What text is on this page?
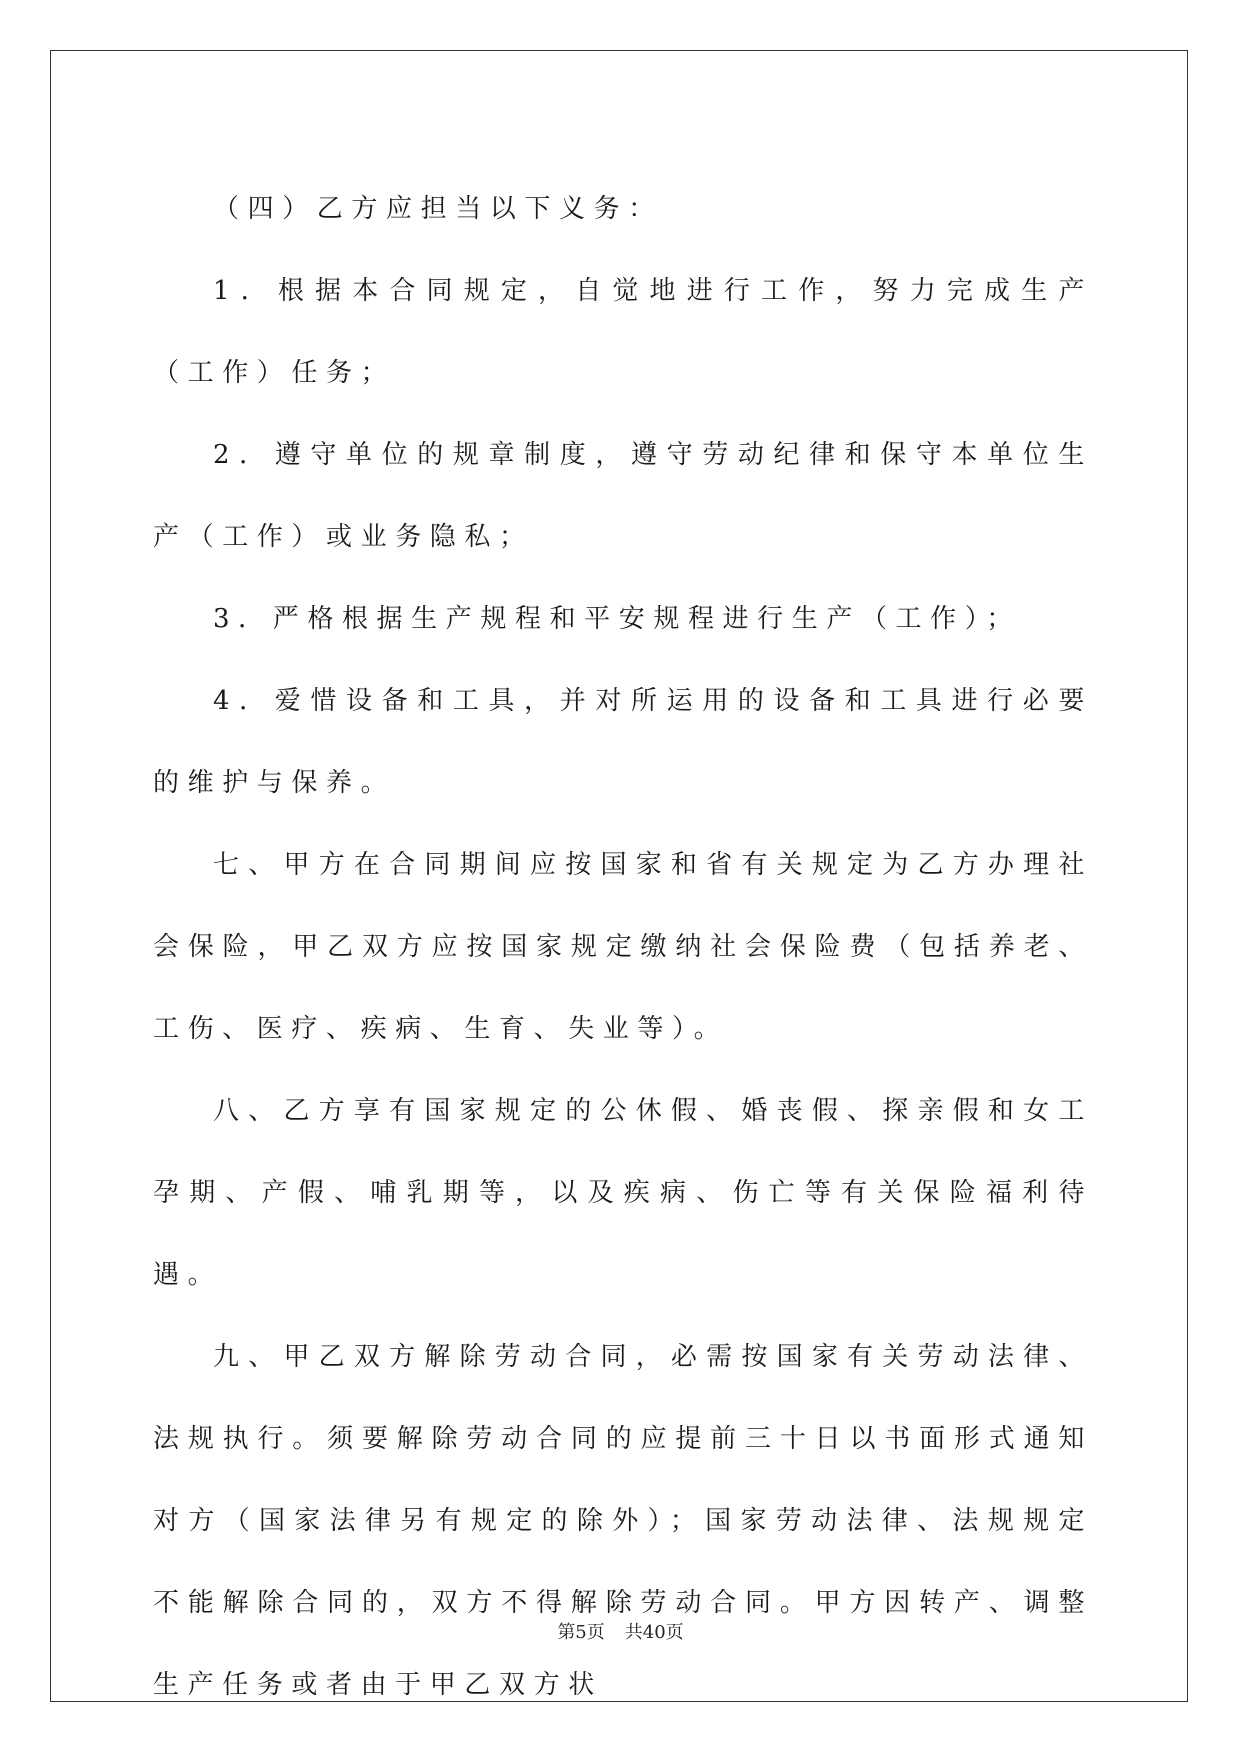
（四）乙方应担当以下义务：

1．根据本合同规定，自觉地进行工作，努力完成生产（工作）任务；

2．遵守单位的规章制度，遵守劳动纪律和保守本单位生产（工作）或业务隐私；

3．严格根据生产规程和平安规程进行生产（工作）；

4．爱惜设备和工具，并对所运用的设备和工具进行必要的维护与保养。

七、甲方在合同期间应按国家和省有关规定为乙方办理社会保险，甲乙双方应按国家规定缴纳社会保险费（包括养老、工伤、医疗、疾病、生育、失业等）。

八、乙方享有国家规定的公休假、婚丧假、探亲假和女工孕期、产假、哺乳期等，以及疾病、伤亡等有关保险福利待遇。

九、甲乙双方解除劳动合同，必需按国家有关劳动法律、法规执行。须要解除劳动合同的应提前三十日以书面形式通知对方（国家法律另有规定的除外）；国家劳动法律、法规规定不能解除合同的，双方不得解除劳动合同。甲方因转产、调整生产任务或者由于甲乙双方状

第5页 共40页
